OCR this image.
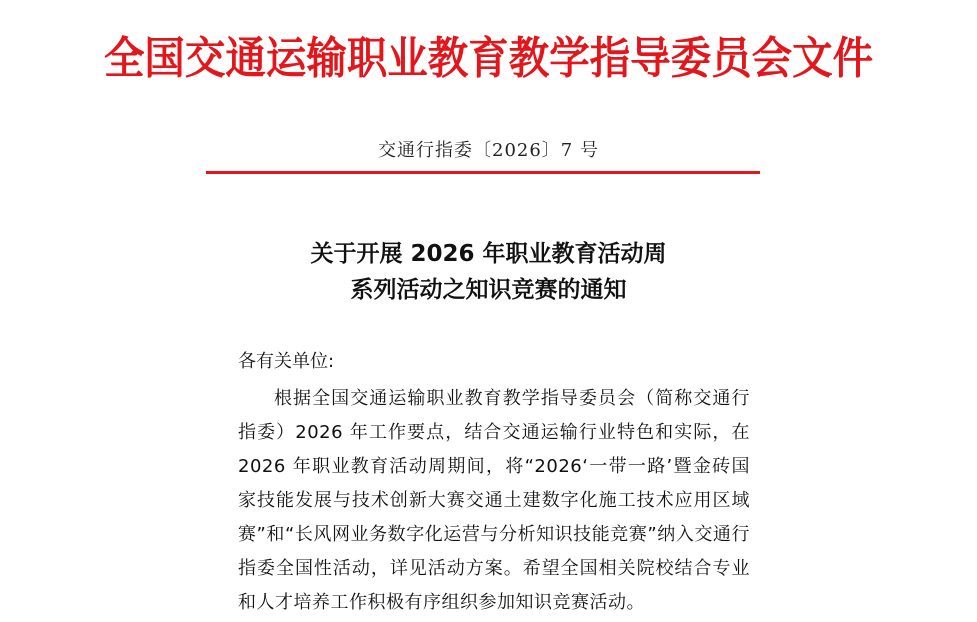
全国交通运输职业教育教学指导委员会文件
交通行指委〔2026〕7 号
关于开展 2026 年职业教育活动周
系列活动之知识竞赛的通知

各有关单位:

根据全国交通运输职业教育教学指导委员会（简称交通行指委）2026 年工作要点，结合交通运输行业特色和实际，在 2026 年职业教育活动周期间，将“2026‘一带一路’暨金砖国家技能发展与技术创新大赛交通土建数字化施工技术应用区域赛”和“长风网业务数字化运营与分析知识技能竞赛”纳入交通行指委全国性活动，详见活动方案。希望全国相关院校结合专业和人才培养工作积极有序组织参加知识竞赛活动。
